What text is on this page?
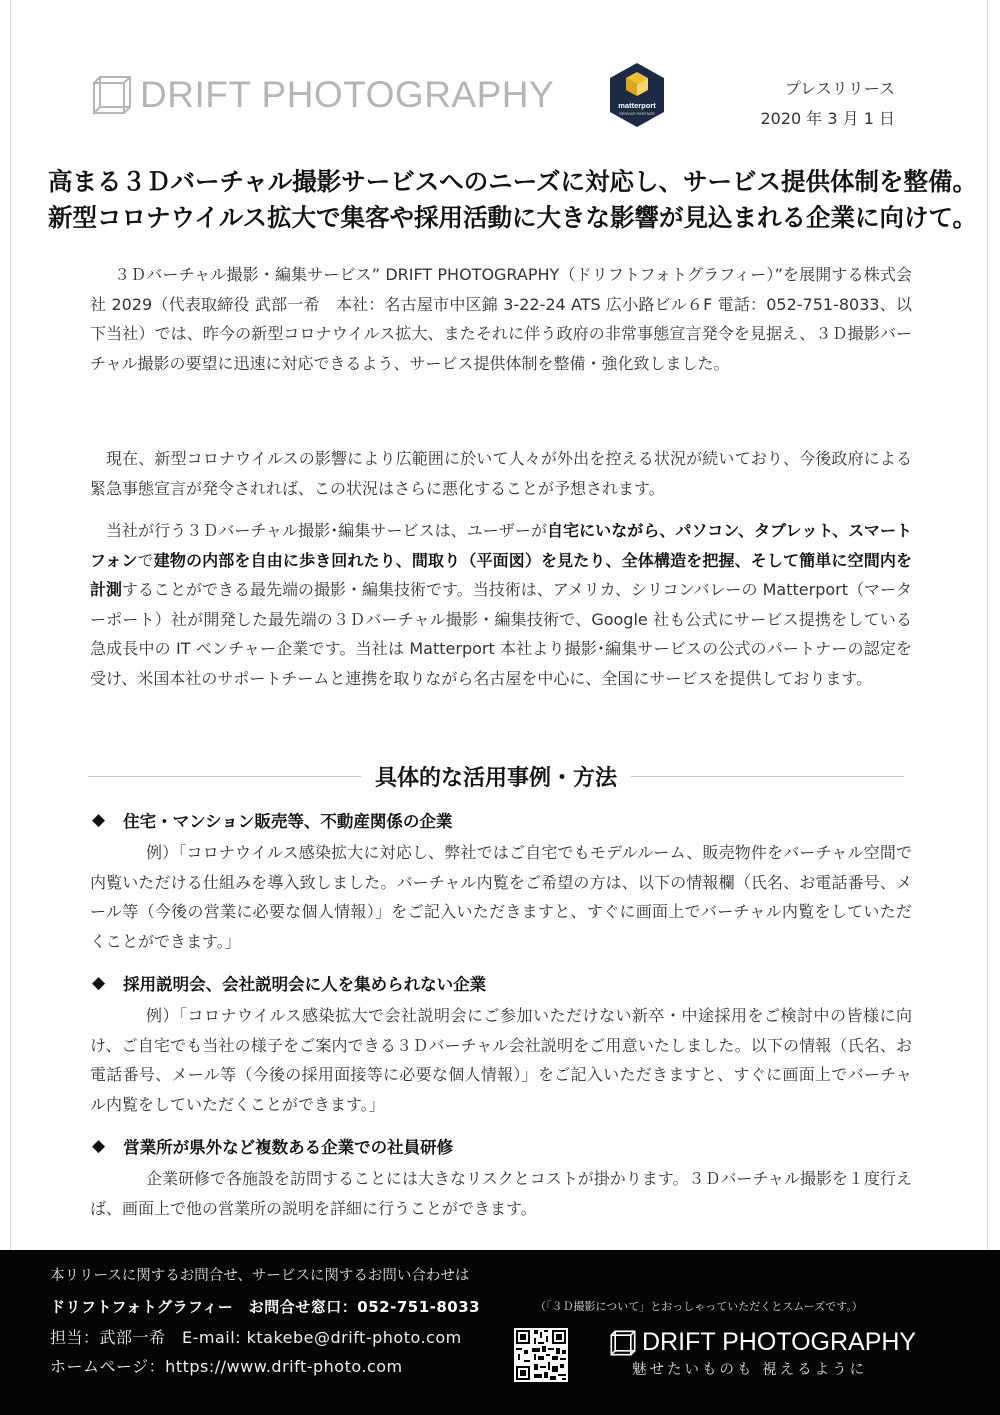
DRIFT PHOTOGRAPHY	matterport
SERVICE PARTNER
プレスリリース
2020 年 3 月 1 日
高まる３Ｄバーチャル撮影サービスへのニーズに対応し、サービス提供体制を整備。
新型コロナウイルス拡大で集客や採用活動に大きな影響が見込まれる企業に向けて。
３Ｄバーチャル撮影・編集サービス” DRIFT PHOTOGRAPHY（ドリフトフォトグラフィー）”を展開する株式会社 2029（代表取締役 武部一希　本社：名古屋市中区錦 3-22-24 ATS 広小路ビル６F 電話：052-751-8033、以下当社）では、昨今の新型コロナウイルス拡大、またそれに伴う政府の非常事態宣言発令を見据え、３Ｄ撮影バーチャル撮影の要望に迅速に対応できるよう、サービス提供体制を整備・強化致しました。
現在、新型コロナウイルスの影響により広範囲に於いて人々が外出を控える状況が続いており、今後政府による緊急事態宣言が発令されれば、この状況はさらに悪化することが予想されます。
当社が行う３Ｄバーチャル撮影･編集サービスは、ユーザーが自宅にいながら、パソコン、タブレット、スマートフォンで建物の内部を自由に歩き回れたり、間取り（平面図）を見たり、全体構造を把握、そして簡単に空間内を計測することができる最先端の撮影・編集技術です。当技術は、アメリカ、シリコンバレーの Matterport（マーターポート）社が開発した最先端の３Ｄバーチャル撮影・編集技術で、Google 社も公式にサービス提携をしている急成長中の IT ベンチャー企業です。当社は Matterport 本社より撮影･編集サービスの公式のパートナーの認定を受け、米国本社のサポートチームと連携を取りながら名古屋を中心に、全国にサービスを提供しております。
具体的な活用事例・方法
◆ 住宅・マンション販売等、不動産関係の企業
例）「コロナウイルス感染拡大に対応し、弊社ではご自宅でもモデルルーム、販売物件をバーチャル空間で内覧いただける仕組みを導入致しました。バーチャル内覧をご希望の方は、以下の情報欄（氏名、お電話番号、メール等（今後の営業に必要な個人情報）」をご記入いただきますと、すぐに画面上でバーチャル内覧をしていただくことができます。」
◆ 採用説明会、会社説明会に人を集められない企業
例）「コロナウイルス感染拡大で会社説明会にご参加いただけない新卒・中途採用をご検討中の皆様に向け、ご自宅でも当社の様子をご案内できる３Ｄバーチャル会社説明をご用意いたしました。以下の情報（氏名、お電話番号、メール等（今後の採用面接等に必要な個人情報）」をご記入いただきますと、すぐに画面上でバーチャル内覧をしていただくことができます。」
◆ 営業所が県外など複数ある企業での社員研修
企業研修で各施設を訪問することには大きなリスクとコストが掛かります。３Ｄバーチャル撮影を１度行えば、画面上で他の営業所の説明を詳細に行うことができます。
本リリースに関するお問合せ、サービスに関するお問い合わせは
ドリフトフォトグラフィー　お問合せ窓口：052-751-8033	（「３Ｄ撮影について」とおっしゃっていただくとスムーズです。）
担当：武部一希　E-mail: ktakebe@drift-photo.com
ホームページ：https://www.drift-photo.com
DRIFT PHOTOGRAPHY
魅せたいものも 視えるように
